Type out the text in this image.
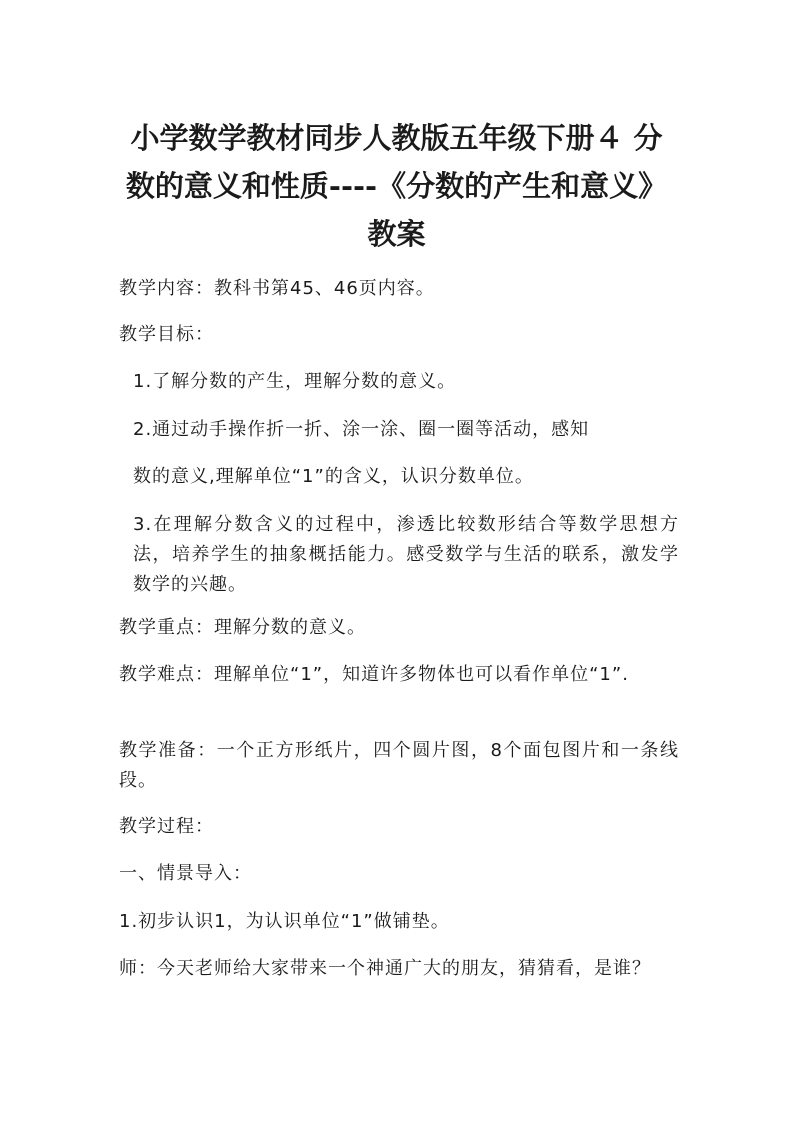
小学数学教材同步人教版五年级下册４ 分
数的意义和性质----《分数的产生和意义》
教案

教学内容：教科书第45、46页内容。

教学目标：

1.了解分数的产生，理解分数的意义。

2.通过动手操作折一折、涂一涂、圈一圈等活动，感知

数的意义,理解单位“1”的含义，认识分数单位。

3.在理解分数含义的过程中，渗透比较数形结合等数学思想方法，培养学生的抽象概括能力。感受数学与生活的联系，激发学数学的兴趣。

教学重点：理解分数的意义。

教学难点：理解单位“1”，知道许多物体也可以看作单位“1”.

教学准备：一个正方形纸片，四个圆片图，8个面包图片和一条线段。

教学过程：

一、情景导入：

1.初步认识1，为认识单位“1”做铺垫。

师：今天老师给大家带来一个神通广大的朋友，猜猜看，是谁？
